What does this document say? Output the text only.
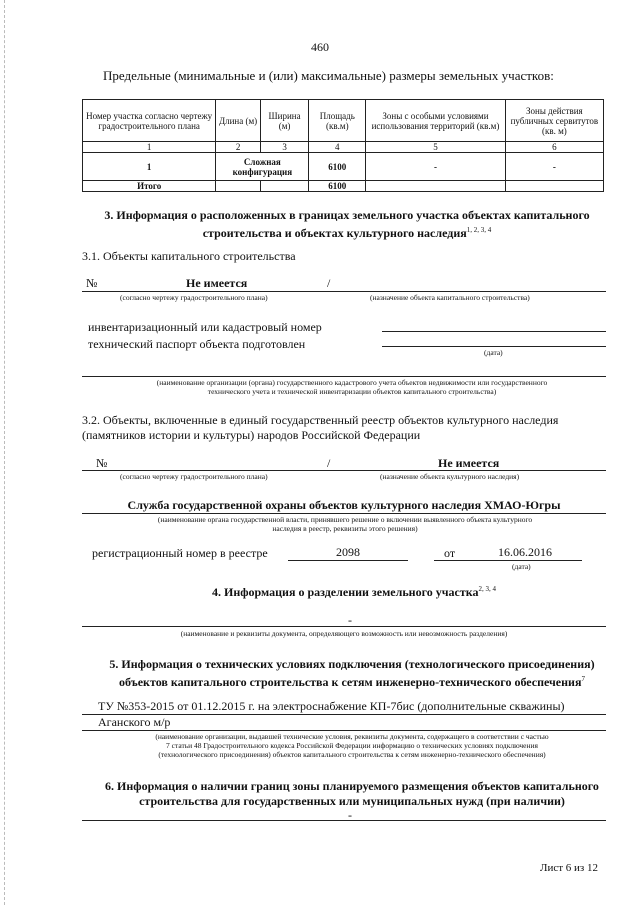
460
Предельные (минимальные и (или) максимальные) размеры земельных участков:
Номер участка согласно чертежу градостроительного плана	Длина (м)	Ширина (м)	Площадь (кв.м)	Зоны с особыми условиями использования территорий (кв.м)	Зоны действия публичных сервитутов (кв. м)
1	2	3	4	5	6
1	Сложная конфигурация		6100	-	-
Итого			6100		
3. Информация о расположенных в границах земельного участка объектах капитального
строительства и объектах культурного наследия$^{1, 2, 3, 4}$
3.1. Объекты капитального строительства
№	Не имеется	/
(согласно чертежу градостроительного плана)	(назначение объекта капитального строительства)
инвентаризационный или кадастровый номер
технический паспорт объекта подготовлен
(дата)
(наименование организации (органа) государственного кадастрового учета объектов недвижимости или государственного
технического учета и технической инвентаризации объектов капитального строительства)
3.2. Объекты, включенные в единый государственный реестр объектов культурного наследия
(памятников истории и культуры) народов Российской Федерации
№	/	Не имеется
(согласно чертежу градостроительного плана)	(назначение объекта культурного наследия)
Служба государственной охраны объектов культурного наследия ХМАО-Югры
(наименование органа государственной власти, принявшего решение о включении выявленного объекта культурного
наследия в реестр, реквизиты этого решения)
регистрационный номер в реестре	2098	от	16.06.2016
(дата)
4. Информация о разделении земельного участка$^{2, 3, 4}$
-
(наименование и реквизиты документа, определяющего возможность или невозможность разделения)
5. Информация о технических условиях подключения (технологического присоединения)
объектов капитального строительства к сетям инженерно-технического обеспечения$^7$
ТУ №353-2015 от 01.12.2015 г. на электроснабжение КП-7бис (дополнительные скважины)
Аганского м/р
(наименование организации, выдавшей технические условия, реквизиты документа, содержащего в соответствии с частью
7 статьи 48 Градостроительного кодекса Российской Федерации информацию о технических условиях подключения
(технологического присоединения) объектов капитального строительства к сетям инженерно-технического обеспечения)
6. Информация о наличии границ зоны планируемого размещения объектов капитального
строительства для государственных или муниципальных нужд (при наличии)
-
Лист 6 из 12
